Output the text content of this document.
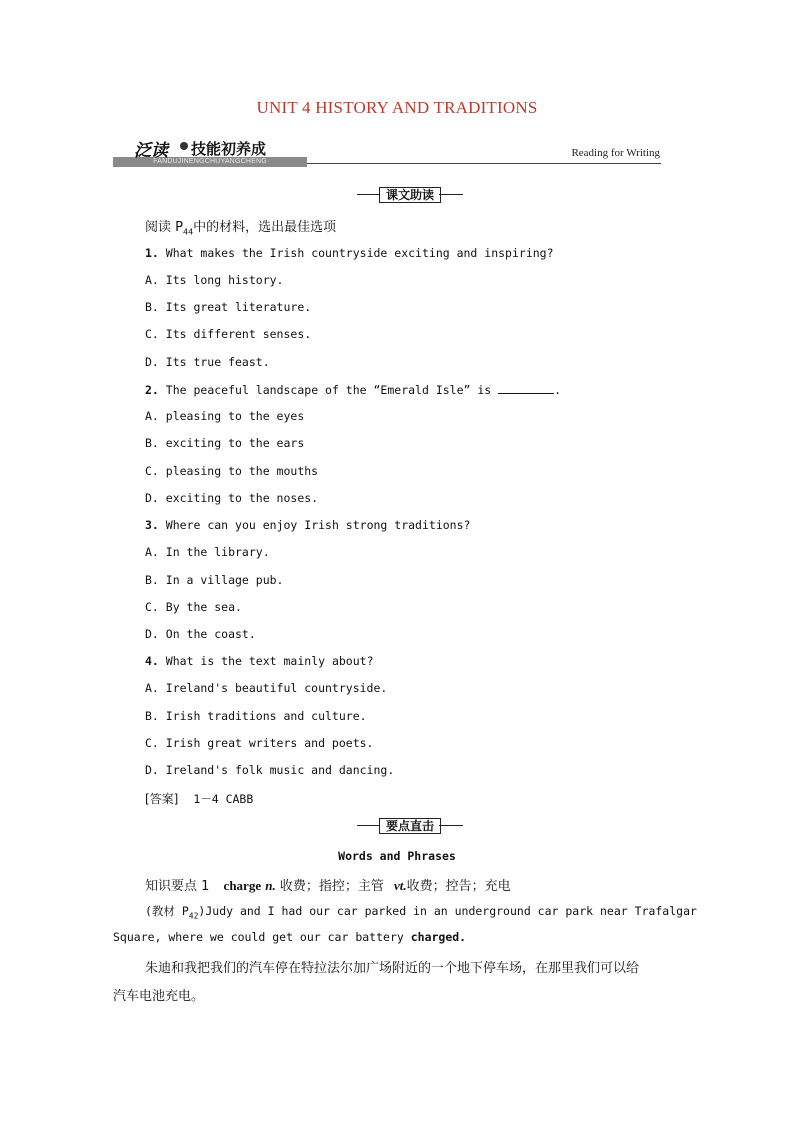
UNIT 4 HISTORY AND TRADITIONS
FANDUJINENGCHUYANGCHENG
泛读 技能初养成	Reading for Writing
课文助读
阅读 $P_{44}$中的材料，选出最佳选项
1. What makes the Irish countryside exciting and inspiring?
A. Its long history.
B. Its great literature.
C. Its different senses.
D. Its true feast.
2. The peaceful landscape of the “Emerald Isle” is	.
A. pleasing to the eyes
B. exciting to the ears
C. pleasing to the mouths
D. exciting to the noses.
3. Where can you enjoy Irish strong traditions?
A. In the library.
B. In a village pub.
C. By the sea.
D. On the coast.
4. What is the text mainly about?
A. Ireland's beautiful countryside.
B. Irish traditions and culture.
C. Irish great writers and poets.
D. Ireland's folk music and dancing.
[答案] 1－4 CABB
要点直击
Words and Phrases
知识要点 1 charge n. 收费；指控；主管 vt.收费；控告；充电
(教材 $P_{42})Judy$ and I had our car parked in an underground car park near Trafalgar
Square, where we could get our car battery charged.
朱迪和我把我们的汽车停在特拉法尔加广场附近的一个地下停车场，在那里我们可以给
汽车电池充电。
